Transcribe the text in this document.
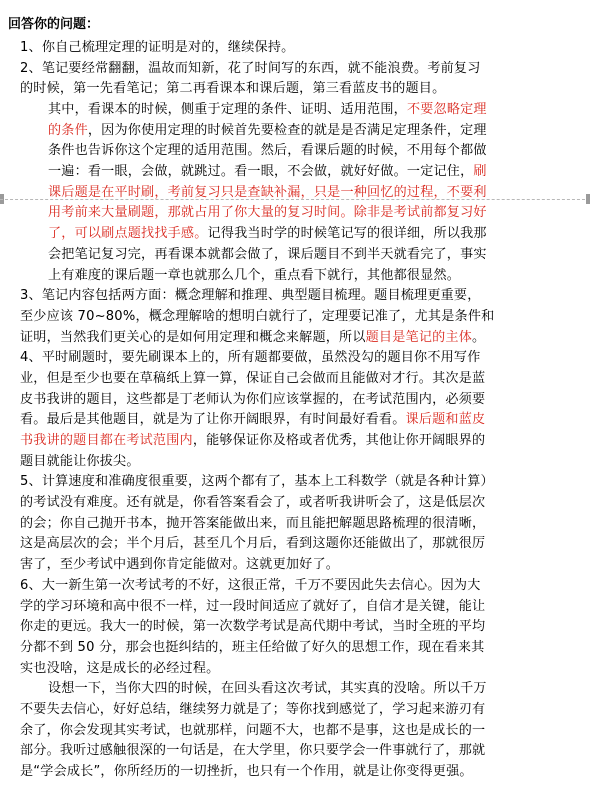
回答你的问题：
1、你自己梳理定理的证明是对的，继续保持。
2、笔记要经常翻翻，温故而知新，花了时间写的东西，就不能浪费。考前复习
的时候，第一先看笔记；第二再看课本和课后题，第三看蓝皮书的题目。
其中，看课本的时候，侧重于定理的条件、证明、适用范围，不要忽略定理
的条件，因为你使用定理的时候首先要检查的就是是否满足定理条件，定理
条件也告诉你这个定理的适用范围。然后，看课后题的时候，不用每个都做
一遍：看一眼，会做，就跳过。看一眼，不会做，就好好做。一定记住，刷
课后题是在平时刷，考前复习只是查缺补漏，只是一种回忆的过程，不要利
用考前来大量刷题，那就占用了你大量的复习时间。除非是考试前都复习好
了，可以刷点题找找手感。记得我当时学的时候笔记写的很详细，所以我那
会把笔记复习完，再看课本就都会做了，课后题目不到半天就看完了，事实
上有难度的课后题一章也就那么几个，重点看下就行，其他都很显然。
3、笔记内容包括两方面：概念理解和推理、典型题目梳理。题目梳理更重要，
至少应该 70~80%，概念理解啥的想明白就行了，定理要记准了，尤其是条件和
证明，当然我们更关心的是如何用定理和概念来解题，所以题目是笔记的主体。
4、平时刷题时，要先刷课本上的，所有题都要做，虽然没勾的题目你不用写作
业，但是至少也要在草稿纸上算一算，保证自己会做而且能做对才行。其次是蓝
皮书我讲的题目，这些都是丁老师认为你们应该掌握的，在考试范围内，必须要
看。最后是其他题目，就是为了让你开阔眼界，有时间最好看看。课后题和蓝皮
书我讲的题目都在考试范围内，能够保证你及格或者优秀，其他让你开阔眼界的
题目就能让你拔尖。
5、计算速度和准确度很重要，这两个都有了，基本上工科数学（就是各种计算）
的考试没有难度。还有就是，你看答案看会了，或者听我讲听会了，这是低层次
的会；你自己抛开书本，抛开答案能做出来，而且能把解题思路梳理的很清晰，
这是高层次的会；半个月后，甚至几个月后，看到这题你还能做出了，那就很厉
害了，至少考试中遇到你肯定能做对。这就更加好了。
6、大一新生第一次考试考的不好，这很正常，千万不要因此失去信心。因为大
学的学习环境和高中很不一样，过一段时间适应了就好了，自信才是关键，能让
你走的更远。我大一的时候，第一次数学考试是高代期中考试，当时全班的平均
分都不到 50 分，那会也挺纠结的，班主任给做了好久的思想工作，现在看来其
实也没啥，这是成长的必经过程。
设想一下，当你大四的时候，在回头看这次考试，其实真的没啥。所以千万
不要失去信心，好好总结，继续努力就是了；等你找到感觉了，学习起来游刃有
余了，你会发现其实考试，也就那样，问题不大，也都不是事，这也是成长的一
部分。我听过感触很深的一句话是，在大学里，你只要学会一件事就行了，那就
是“学会成长”，你所经历的一切挫折，也只有一个作用，就是让你变得更强。
